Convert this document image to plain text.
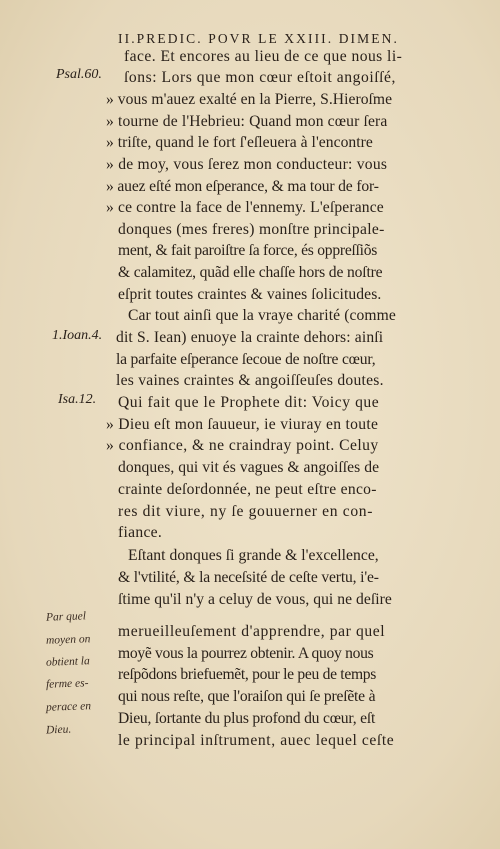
II.PREDIC. POVR LE XXIII. DIMEN.
face. Et encores au lieu de ce que nous li-
ſons: Lors que mon cœur eſtoit angoiſſé,
» vous m'auez exalté en la Pierre, S.Hieroſme
» tourne de l'Hebrieu: Quand mon cœur ſera
» triſte, quand le fort ſ'eſleuera à l'encontre
» de moy, vous ſerez mon conducteur: vous
» auez eſté mon eſperance, & ma tour de for-
» ce contre la face de l'ennemy. L'eſperance
donques (mes freres) monſtre principale-
ment, & fait paroiſtre ſa force, és oppreſſiõs
& calamitez, quãd elle chaſſe hors de noſtre
eſprit toutes craintes & vaines ſolicitudes.
Car tout ainſi que la vraye charité (comme
dit S. Iean) enuoye la crainte dehors: ainſi
la parfaite eſperance ſecoue de noſtre cœur,
les vaines craintes & angoiſſeuſes doutes.
Qui fait que le Prophete dit: Voicy que
» Dieu eſt mon ſauueur, ie viuray en toute
» confiance, & ne craindray point. Celuy
donques, qui vit és vagues & angoiſſes de
crainte deſordonnée, ne peut eſtre enco-
res dit viure, ny ſe gouuerner en con-
fiance.
Eſtant donques ſi grande & l'excellence,
& l'vtilité, & la neceſsité de ceſte vertu, i'e-
ſtime qu'il n'y a celuy de vous, qui ne deſire
merueilleuſement d'apprendre, par quel
moyẽ vous la pourrez obtenir. A quoy nous
reſpõdons briefuemẽt, pour le peu de temps
qui nous reſte, que l'oraiſon qui ſe preſẽte à
Dieu, ſortante du plus profond du cœur, eſt
le principal inſtrument, auec lequel ceſte
Psal.60.
1.Ioan.4.
Isa.12.
Par quel
moyen on
obtient la
ferme es-
perace en
Dieu.
